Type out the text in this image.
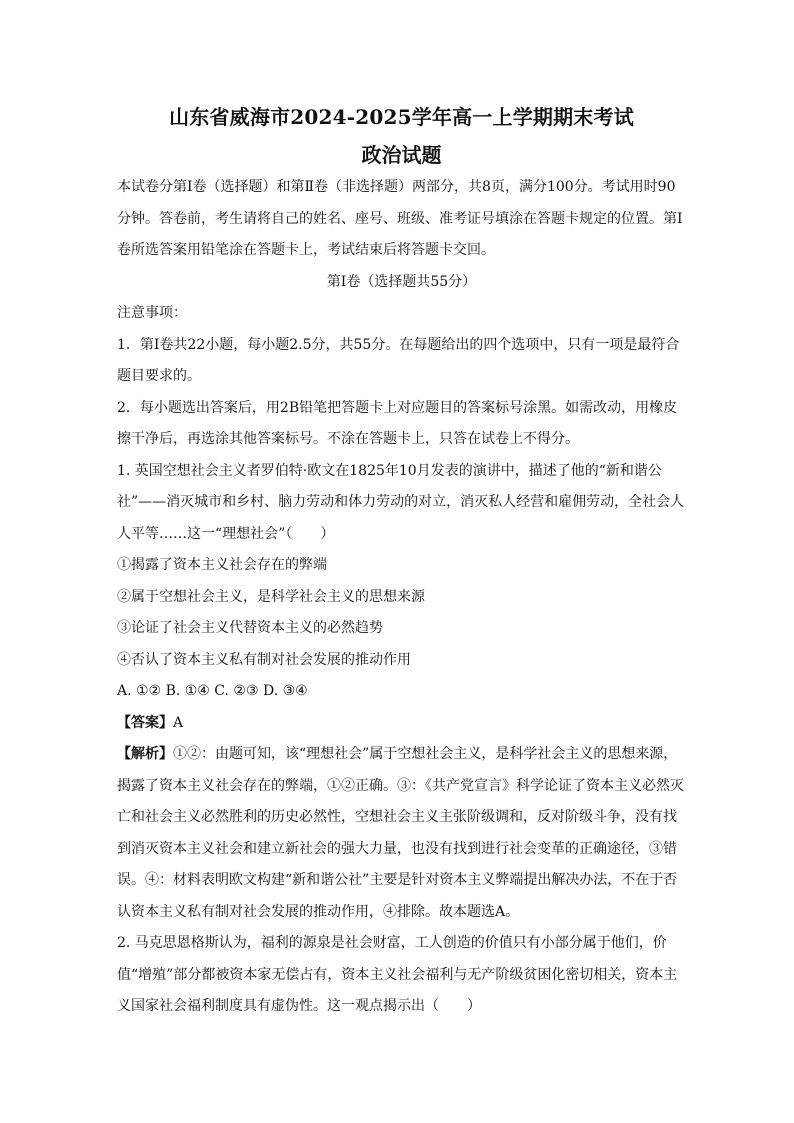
山东省威海市2024-2025学年高一上学期期末考试
政治试题

本试卷分第Ⅰ卷（选择题）和第Ⅱ卷（非选择题）两部分，共8页，满分100分。考试用时90分钟。答卷前，考生请将自己的姓名、座号、班级、准考证号填涂在答题卡规定的位置。第Ⅰ卷所选答案用铅笔涂在答题卡上，考试结束后将答题卡交回。

第Ⅰ卷（选择题共55分）

注意事项：

1．第Ⅰ卷共22小题，每小题2.5分，共55分。在每题给出的四个选项中，只有一项是最符合题目要求的。

2．每小题选出答案后，用2B铅笔把答题卡上对应题目的答案标号涂黑。如需改动，用橡皮擦干净后，再选涂其他答案标号。不涂在答题卡上，只答在试卷上不得分。

1. 英国空想社会主义者罗伯特·欧文在1825年10月发表的演讲中，描述了他的“新和谐公社”——消灭城市和乡村、脑力劳动和体力劳动的对立，消灭私人经营和雇佣劳动，全社会人人平等……这一“理想社会”（　　）

①揭露了资本主义社会存在的弊端

②属于空想社会主义，是科学社会主义的思想来源

③论证了社会主义代替资本主义的必然趋势

④否认了资本主义私有制对社会发展的推动作用

A. ①② B. ①④ C. ②③ D. ③④

【答案】A

【解析】①②：由题可知，该“理想社会”属于空想社会主义，是科学社会主义的思想来源，揭露了资本主义社会存在的弊端，①②正确。③：《共产党宣言》科学论证了资本主义必然灭亡和社会主义必然胜利的历史必然性，空想社会主义主张阶级调和，反对阶级斗争，没有找到消灭资本主义社会和建立新社会的强大力量，也没有找到进行社会变革的正确途径，③错误。④：材料表明欧文构建“新和谐公社”主要是针对资本主义弊端提出解决办法，不在于否认资本主义私有制对社会发展的推动作用，④排除。故本题选A。

2. 马克思恩格斯认为，福利的源泉是社会财富，工人创造的价值只有小部分属于他们，价值“增殖”部分都被资本家无偿占有，资本主义社会福利与无产阶级贫困化密切相关，资本主义国家社会福利制度具有虚伪性。这一观点揭示出（　　）
